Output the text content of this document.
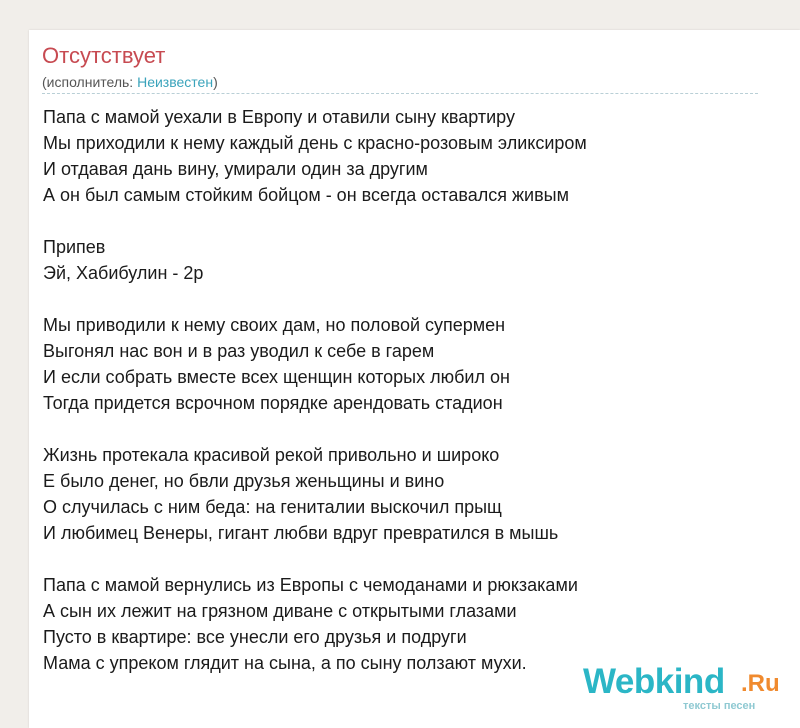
Отсутствует
(исполнитель: Неизвестен)
Папа с мамой уехали в Европу и отавили сыну квартиру
Мы приходили к нему каждый день с красно-розовым эликсиром
И отдавая дань вину, умирали один за другим
А он был самым стойким бойцом - он всегда оставался живым
Припев
Эй, Хабибулин - 2р
Мы приводили к нему своих дам, но половой супермен
Выгонял нас вон и в раз уводил к себе в гарем
И если собрать вместе всех щенщин которых любил он
Тогда придется всрочном порядке арендовать стадион
Жизнь протекала красивой рекой привольно и широко
Е было денег, но бвли друзья женьщины и вино
О случилась с ним беда: на гениталии выскочил прыщ
И любимец Венеры, гигант любви вдруг превратился в мышь
Папа с мамой вернулись из Европы с чемоданами и рюкзаками
А сын их лежит на грязном диване с открытыми глазами
Пусто в квартире: все унесли его друзья и подруги
Мама с упреком глядит на сына, а по сыну ползают мухи.	Webkind .Ru
тексты песен
